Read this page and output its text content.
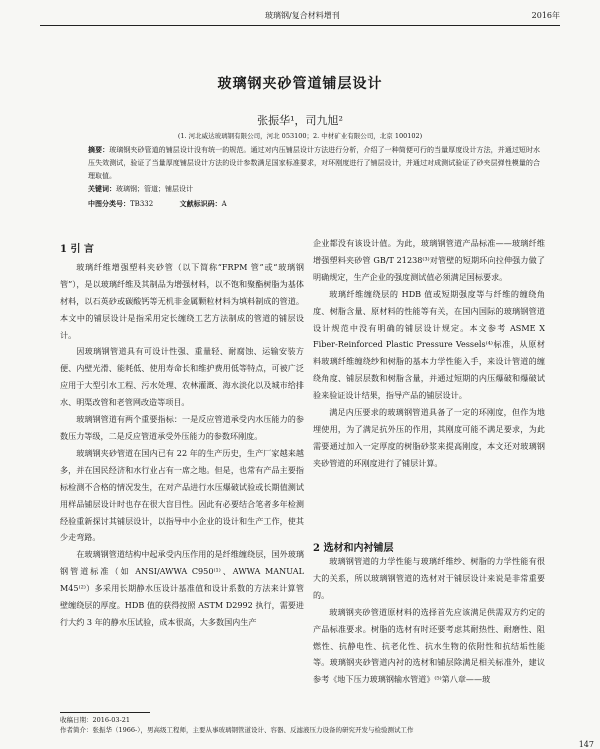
玻璃钢/复合材料增刊	2016年
玻璃钢夹砂管道铺层设计
张振华¹，司九旭²
(1. 河北威达玻璃钢有限公司，河北 053100；2. 中材矿业有限公司，北京 100102)
摘要：玻璃钢夹砂管道的铺层设计没有统一的规范。通过对内压铺层设计方法进行分析，介绍了一种简便可行的当量厚度设计方法，并通过短时水压失效测试，验证了当量厚度铺层设计方法的设计参数满足国家标准要求，对环刚度进行了铺层设计，并通过对成测试验证了砂夹层弹性模量的合理取值。
关键词：玻璃钢；管道；铺层设计
中图分类号：TB332	文献标识码：A

1 引 言

玻璃纤维增强塑料夹砂管（以下简称“FRPM 管”或“玻璃钢管”），是以玻璃纤维及其制品为增强材料，以不饱和聚酯树脂为基体材料，以石英砂或碳酸钙等无机非金属颗粒材料为填料制成的管道。本文中的铺层设计是指采用定长缠绕工艺方法制成的管道的铺层设计。

因玻璃钢管道具有可设计性强、重量轻、耐腐蚀、运输安装方便、内壁光滑、能耗低、使用寿命长和维护费用低等特点，可被广泛应用于大型引水工程、污水处理、农林灌溉、海水淡化以及城市给排水、明渠改管和老管网改造等项目。

玻璃钢管道有两个重要指标：一是反应管道承受内水压能力的参数压力等级，二是反应管道承受外压能力的参数环刚度。

玻璃钢夹砂管道在国内已有 22 年的生产历史，生产厂家越来越多，并在国民经济和水行业占有一席之地。但是，也常有产品主要指标检测不合格的情况发生，在对产品进行水压爆破试验或长期值测试用样品铺层设计时也存在很大盲目性。因此有必要结合笔者多年检测经验重新探讨其铺层设计，以指导中小企业的设计和生产工作，使其少走弯路。

在玻璃钢管道结构中起承受内压作用的是纤维缠绕层，国外玻璃钢管道标准（如 ANSI/AWWA C950⁽¹⁾、AWWA MANUAL M45⁽²⁾）多采用长期静水压设计基准值和设计系数的方法来计算管壁缠绕层的厚度。HDB 值的获得按照 ASTM D2992 执行，需要进行大约 3 年的静水压试验，成本很高，大多数国内生产

企业都没有该设计值。为此，玻璃钢管道产品标准——玻璃纤维增强塑料夹砂管 GB/T 21238⁽³⁾对管壁的短期环向拉伸强力做了明确规定，生产企业的强度测试值必须满足国标要求。

玻璃纤维缠绕层的 HDB 值或短期强度等与纤维的缠绕角度、树脂含量、原材料的性能等有关，在国内国际的玻璃钢管道设计规范中没有明确的铺层设计规定。本文参考 ASME X Fiber-Reinforced Plastic Pressure Vessels⁽⁴⁾标准，从原材料玻璃纤维缠绕纱和树脂的基本力学性能入手，来设计管道的缠绕角度、铺层层数和树脂含量，并通过短期的内压爆破和爆破试验来验证设计结果，指导产品的铺层设计。

满足内压要求的玻璃钢管道具备了一定的环刚度，但作为地埋使用，为了满足抗外压的作用，其刚度可能不满足要求，为此需要通过加入一定厚度的树脂砂浆来提高刚度，本文还对玻璃钢夹砂管道的环刚度进行了铺层计算。

2 选材和内衬铺层

玻璃钢管道的力学性能与玻璃纤维纱、树脂的力学性能有很大的关系，所以玻璃钢管道的选材对于铺层设计来说是非常重要的。

玻璃钢夹砂管道原材料的选择首先应该满足供需双方约定的产品标准要求。树脂的选材有时还要考虑其耐热性、耐磨性、阻燃性、抗静电性、抗老化性、抗水生物的依附性和抗结垢性能等。玻璃钢夹砂管道内衬的选材和铺层除满足相关标准外，建议参考《地下压力玻璃钢输水管道》⁽⁵⁾第八章——玻

收稿日期：2016-03-21
作者简介：张振华（1966-），男高级工程师，主要从事玻璃钢管道设计、容器、反滤液压力设备的研究开发与检验测试工作
147
